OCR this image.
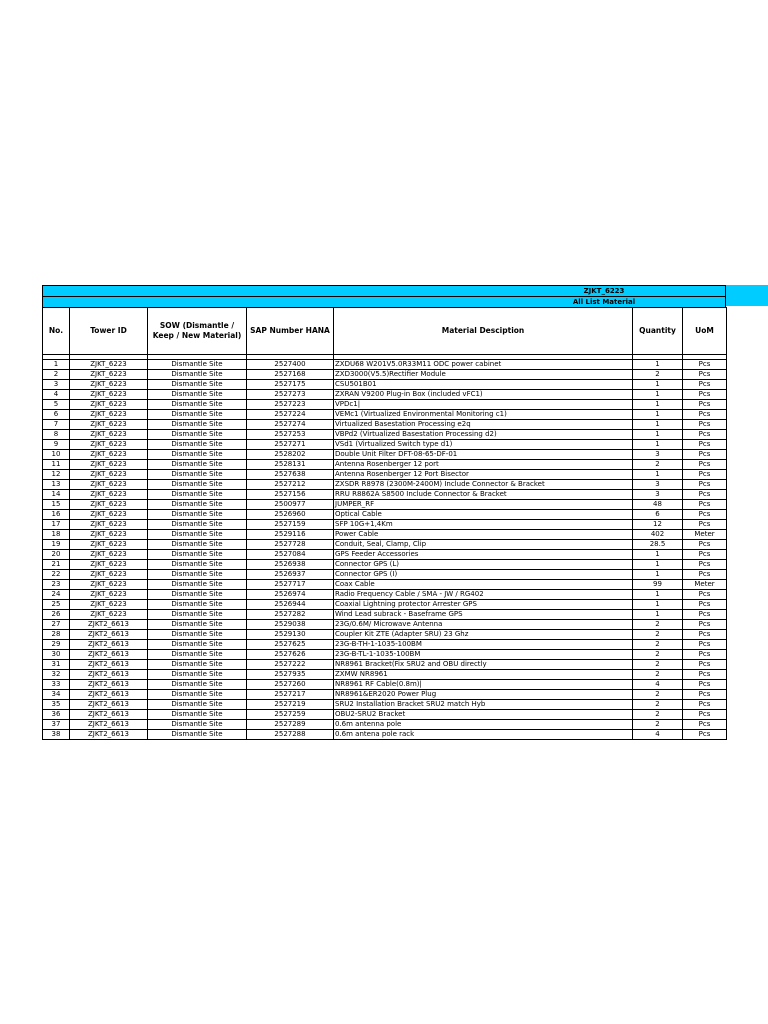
ZJKT_6223
All List Material
No.	Tower ID	SOW (Dismantle / Keep / New Material)	SAP Number HANA	Material Desciption	Quantity	UoM

1	ZJKT_6223	Dismantle Site	2527400	ZXDU68 W201V5.0R33M11 ODC power cabinet	1	Pcs
2	ZJKT_6223	Dismantle Site	2527168	ZXD3000(V5.5)Rectifier Module	2	Pcs
3	ZJKT_6223	Dismantle Site	2527175	CSU501B01	1	Pcs
4	ZJKT_6223	Dismantle Site	2527273	ZXRAN V9200 Plug-in Box (included vFC1)	1	Pcs
5	ZJKT_6223	Dismantle Site	2527223	VPDc1|	1	Pcs
6	ZJKT_6223	Dismantle Site	2527224	VEMc1 (Virtualized Environmental Monitoring c1)	1	Pcs
7	ZJKT_6223	Dismantle Site	2527274	Virtualized Basestation Processing e2q	1	Pcs
8	ZJKT_6223	Dismantle Site	2527253	VBPd2 (Virtualized Basestation Processing d2)	1	Pcs
9	ZJKT_6223	Dismantle Site	2527271	VSd1 (Virtualized Switch type d1)	1	Pcs
10	ZJKT_6223	Dismantle Site	2528202	Double Unit Filter DFT-08-65-DF-01	3	Pcs
11	ZJKT_6223	Dismantle Site	2528131	Antenna Rosenberger 12 port	2	Pcs
12	ZJKT_6223	Dismantle Site	2527638	Antenna Rosenberger 12 Port Bisector	1	Pcs
13	ZJKT_6223	Dismantle Site	2527212	ZXSDR R8978 (2300M-2400M) Include Connector & Bracket	3	Pcs
14	ZJKT_6223	Dismantle Site	2527156	RRU R8862A S8500 Include Connector & Bracket	3	Pcs
15	ZJKT_6223	Dismantle Site	2500977	JUMPER_RF	48	Pcs
16	ZJKT_6223	Dismantle Site	2526960	Optical Cable	6	Pcs
17	ZJKT_6223	Dismantle Site	2527159	SFP 10G+1,4Km	12	Pcs
18	ZJKT_6223	Dismantle Site	2529116	Power Cable	402	Meter
19	ZJKT_6223	Dismantle Site	2527728	Conduit, Seal, Clamp, Clip	28.5	Pcs
20	ZJKT_6223	Dismantle Site	2527084	GPS Feeder Accessories	1	Pcs
21	ZJKT_6223	Dismantle Site	2526938	Connector GPS (L)	1	Pcs
22	ZJKT_6223	Dismantle Site	2526937	Connector GPS (I)	1	Pcs
23	ZJKT_6223	Dismantle Site	2527717	Coax Cable	99	Meter
24	ZJKT_6223	Dismantle Site	2526974	Radio Frequency Cable / SMA - JW / RG402	1	Pcs
25	ZJKT_6223	Dismantle Site	2526944	Coaxial Lightning protector Arrester GPS	1	Pcs
26	ZJKT_6223	Dismantle Site	2527282	Wind Lead subrack - Baseframe GPS	1	Pcs
27	ZJKT2_6613	Dismantle Site	2529038	23G/0.6M/ Microwave Antenna	2	Pcs
28	ZJKT2_6613	Dismantle Site	2529130	Coupler Kit ZTE (Adapter SRU) 23 Ghz	2	Pcs
29	ZJKT2_6613	Dismantle Site	2527625	23G-B-TH-1-1035-100BM	2	Pcs
30	ZJKT2_6613	Dismantle Site	2527626	23G-B-TL-1-1035-100BM	2	Pcs
31	ZJKT2_6613	Dismantle Site	2527222	NR8961 Bracket(Fix SRU2 and OBU directly	2	Pcs
32	ZJKT2_6613	Dismantle Site	2527935	ZXMW NR8961	2	Pcs
33	ZJKT2_6613	Dismantle Site	2527260	NR8961 RF Cable(0.8m)|	4	Pcs
34	ZJKT2_6613	Dismantle Site	2527217	NR8961&ER2020 Power Plug	2	Pcs
35	ZJKT2_6613	Dismantle Site	2527219	SRU2 Installation Bracket SRU2 match Hyb	2	Pcs
36	ZJKT2_6613	Dismantle Site	2527259	OBU2-SRU2 Bracket	2	Pcs
37	ZJKT2_6613	Dismantle Site	2527289	0.6m antenna pole	2	Pcs
38	ZJKT2_6613	Dismantle Site	2527288	0.6m antena pole rack	4	Pcs
